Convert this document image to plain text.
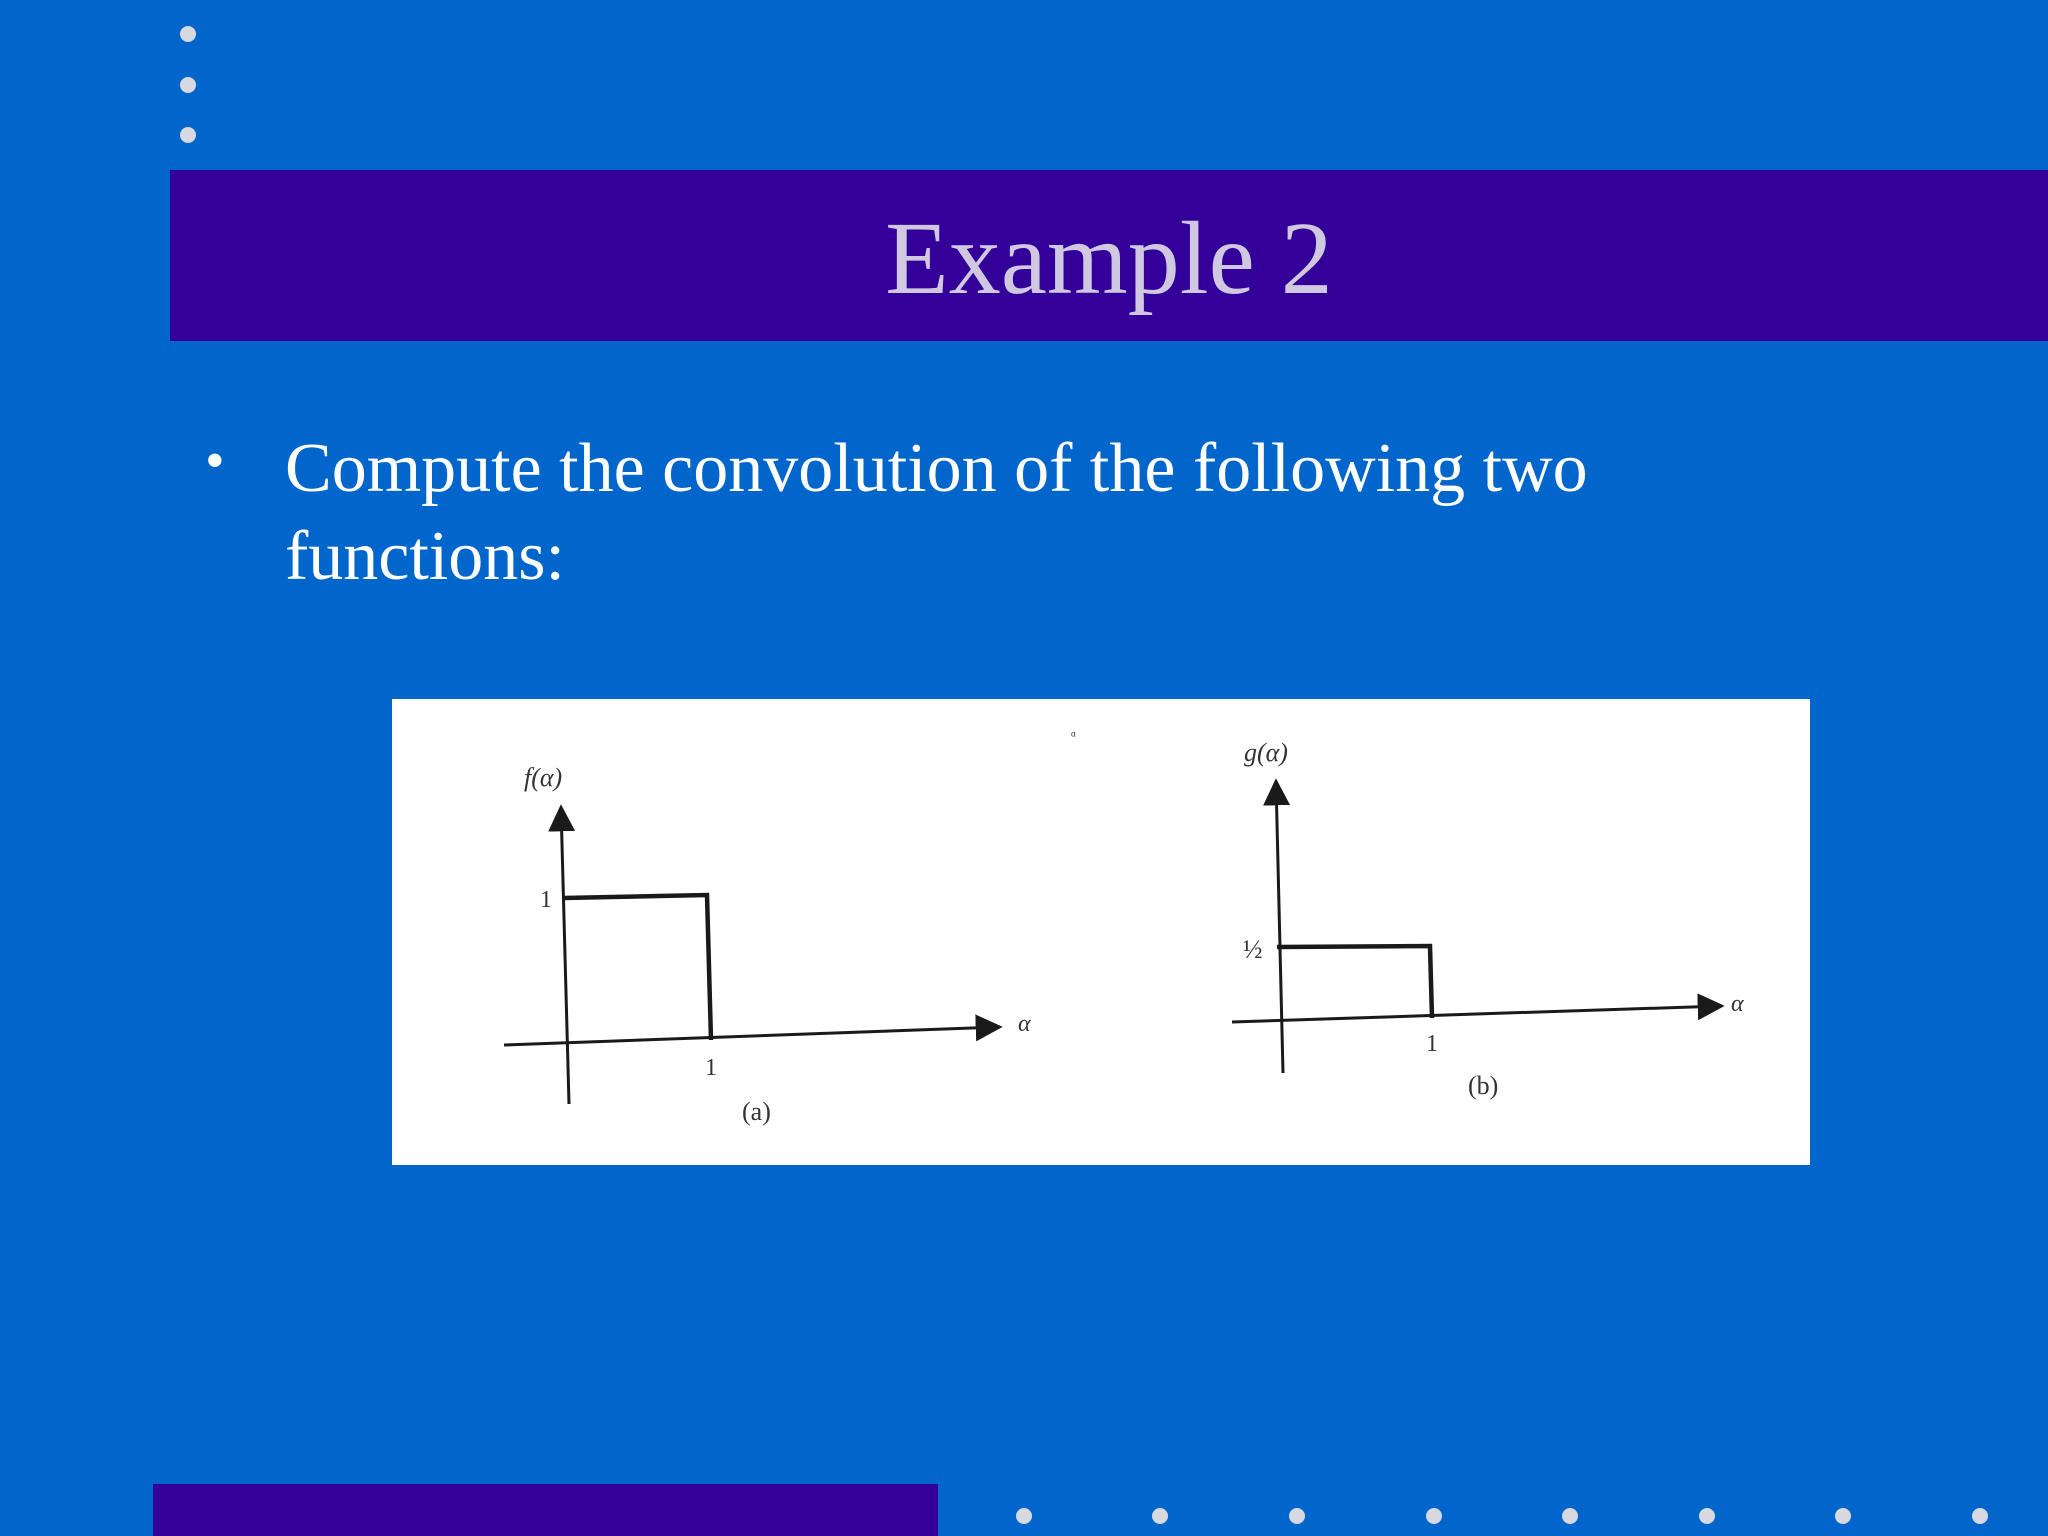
Example 2
• Compute the convolution of the following two functions:
f(α)
α
1
1
(a)
ᵅ
g(α)
α
½
1
(b)
